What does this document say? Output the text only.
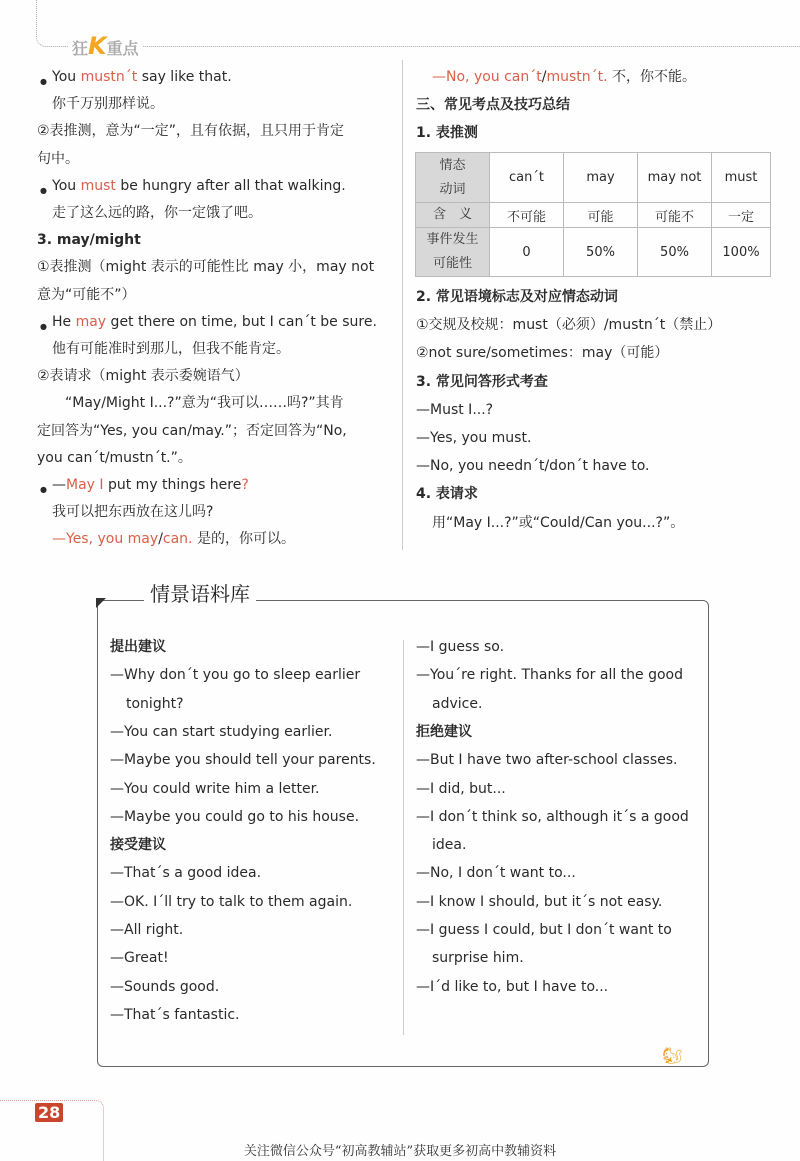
狂K重点
● You mustn´t say like that.
你千万别那样说。
②表推测，意为“一定”，且有依据，且只用于肯定
句中。
● You must be hungry after all that walking.
走了这么远的路，你一定饿了吧。
3. may/might
①表推测（might 表示的可能性比 may 小，may not
意为“可能不”）
● He may get there on time, but I can´t be sure.
他有可能准时到那儿，但我不能肯定。
②表请求（might 表示委婉语气）
“May/Might I...?”意为“我可以……吗?”其肯
定回答为“Yes, you can/may.”；否定回答为“No,
you can´t/mustn´t.”。
● —May I put my things here?
我可以把东西放在这儿吗?
—Yes, you may/can. 是的，你可以。
—No, you can´t/mustn´t. 不，你不能。
三、常见考点及技巧总结
1. 表推测
情态
动词	can´t	may	may not	must
含　义	不可能	可能	可能不	一定
事件发生
可能性	0	50%	50%	100%
2. 常见语境标志及对应情态动词
①交规及校规：must（必须）/mustn´t（禁止）
②not sure/sometimes：may（可能）
3. 常见问答形式考查
—Must I...?
—Yes, you must.
—No, you needn´t/don´t have to.
4. 表请求
用“May I...?”或“Could/Can you...?”。
情景语料库
提出建议
—Why don´t you go to sleep earlier
tonight?
—You can start studying earlier.
—Maybe you should tell your parents.
—You could write him a letter.
—Maybe you could go to his house.
接受建议
—That´s a good idea.
—OK. I´ll try to talk to them again.
—All right.
—Great!
—Sounds good.
—That´s fantastic.
—I guess so.
—You´re right. Thanks for all the good
advice.
拒绝建议
—But I have two after-school classes.
—I did, but...
—I don´t think so, although it´s a good
idea.
—No, I don´t want to...
—I know I should, but it´s not easy.
—I guess I could, but I don´t want to
surprise him.
—I´d like to, but I have to...
🐿
28
关注微信公众号“初高教辅站”获取更多初高中教辅资料
